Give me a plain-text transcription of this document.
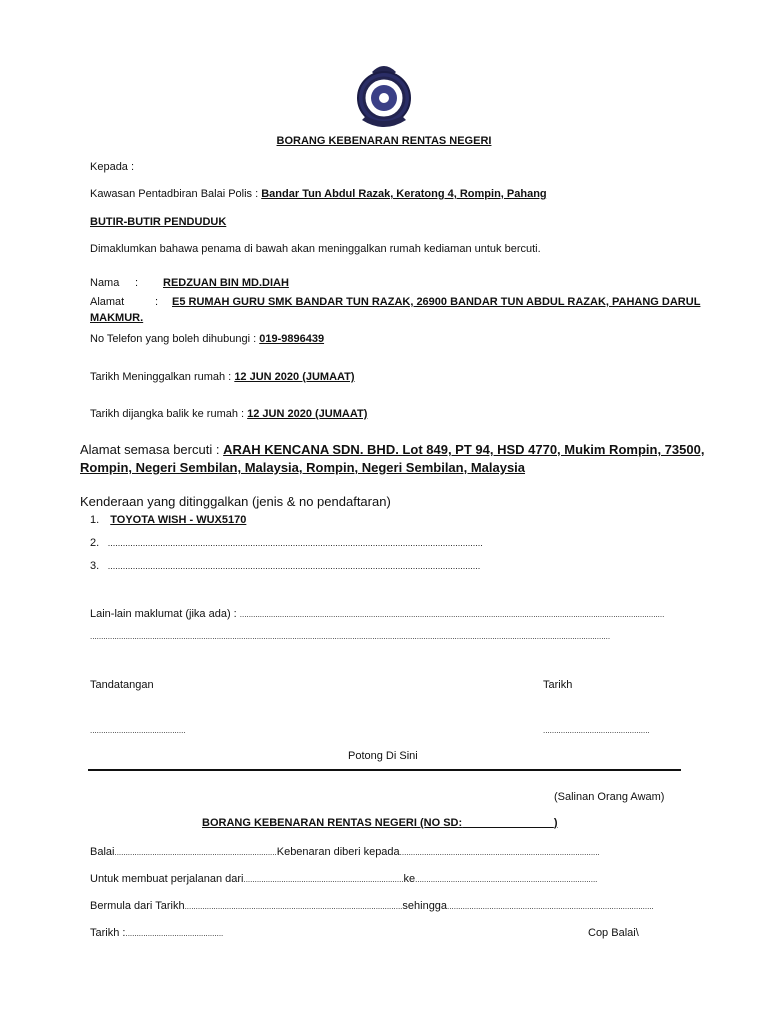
BORANG KEBENARAN RENTAS NEGERI
Kepada :
Kawasan Pentadbiran Balai Polis : Bandar Tun Abdul Razak, Keratong 4, Rompin, Pahang
BUTIR-BUTIR PENDUDUK
Dimaklumkan bahawa penama di bawah akan meninggalkan rumah kediaman untuk bercuti.
Nama : REDZUAN BIN MD.DIAH
Alamat	: E5 RUMAH GURU SMK BANDAR TUN RAZAK, 26900 BANDAR TUN ABDUL RAZAK, PAHANG DARUL
MAKMUR.
No Telefon yang boleh dihubungi : 019-9896439
Tarikh Meninggalkan rumah : 12 JUN 2020 (JUMAAT)
Tarikh dijangka balik ke rumah : 12 JUN 2020 (JUMAAT)
Alamat semasa bercuti : ARAH KENCANA SDN. BHD. Lot 849, PT 94, HSD 4770, Mukim Rompin, 73500,
Rompin, Negeri Sembilan, Malaysia, Rompin, Negeri Sembilan, Malaysia
Kenderaan yang ditinggalkan (jenis & no pendaftaran)
1. TOYOTA WISH - WUX5170
2. ......................................................................................................................................................
3. .....................................................................................................................................................
Lain-lain maklumat (jika ada) : ...............................................................................................................................................................................................
..........................................................................................................................................................................................................................................
Tandatangan	Tarikh
...........................................	................................................
Potong Di Sini
(Salinan Orang Awam)
BORANG KEBENARAN RENTAS NEGERI (NO SD:	)
Balai.........................................................................Kebenaran diberi kepada..........................................................................................
Untuk membuat perjalanan dari........................................................................ke..................................................................................
Bermula dari Tarikh..................................................................................................sehingga.............................................................................................
Tarikh :............................................	Cop Balai\
